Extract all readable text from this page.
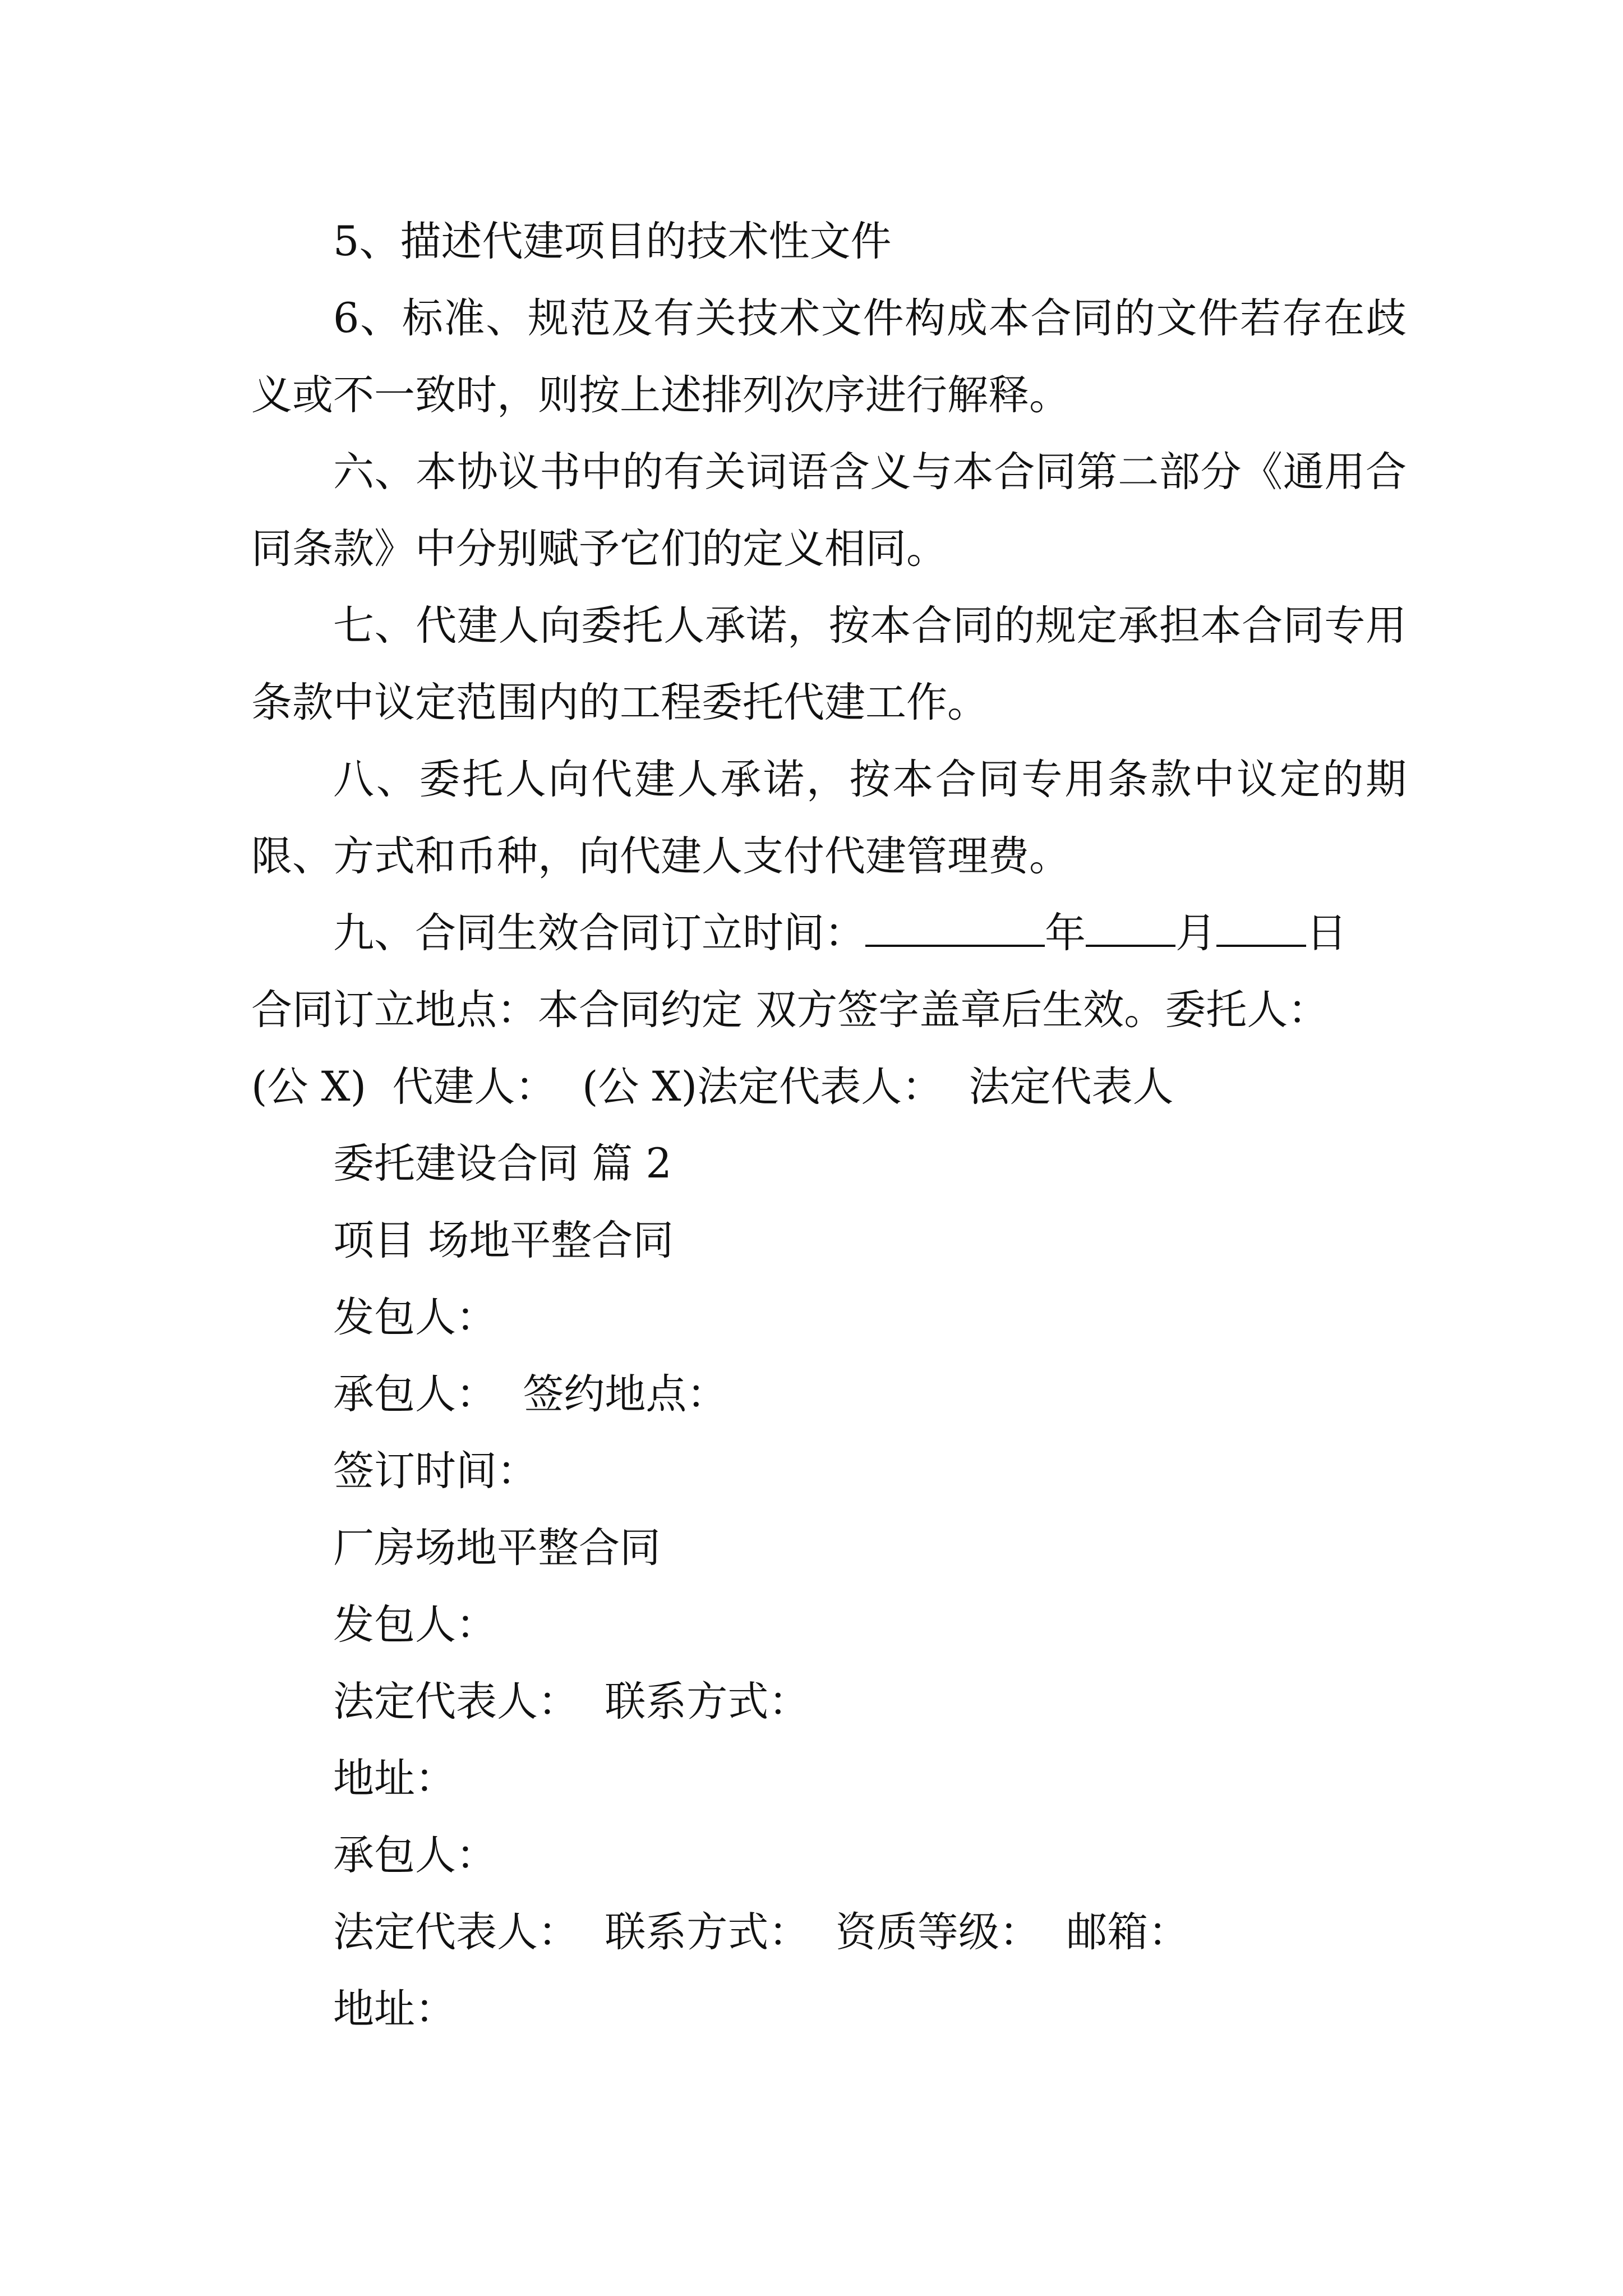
5、描述代建项目的技术性文件

6、标准、规范及有关技术文件构成本合同的文件若存在歧义或不一致时，则按上述排列次序进行解释。

六、本协议书中的有关词语含义与本合同第二部分《通用合同条款》中分别赋予它们的定义相同。

七、代建人向委托人承诺，按本合同的规定承担本合同专用条款中议定范围内的工程委托代建工作。

八、委托人向代建人承诺，按本合同专用条款中议定的期限、方式和币种，向代建人支付代建管理费。

九、合同生效合同订立时间：	年 月 日

合同订立地点：本合同约定 双方签字盖章后生效。委托人：

(公 X)  代建人：  (公 X)法定代表人：  法定代表人

委托建设合同 篇 2

项目 场地平整合同

发包人：

承包人：  签约地点：

签订时间：

厂房场地平整合同

发包人：

法定代表人：  联系方式：

地址：

承包人：

法定代表人：  联系方式：  资质等级：  邮箱：

地址：
